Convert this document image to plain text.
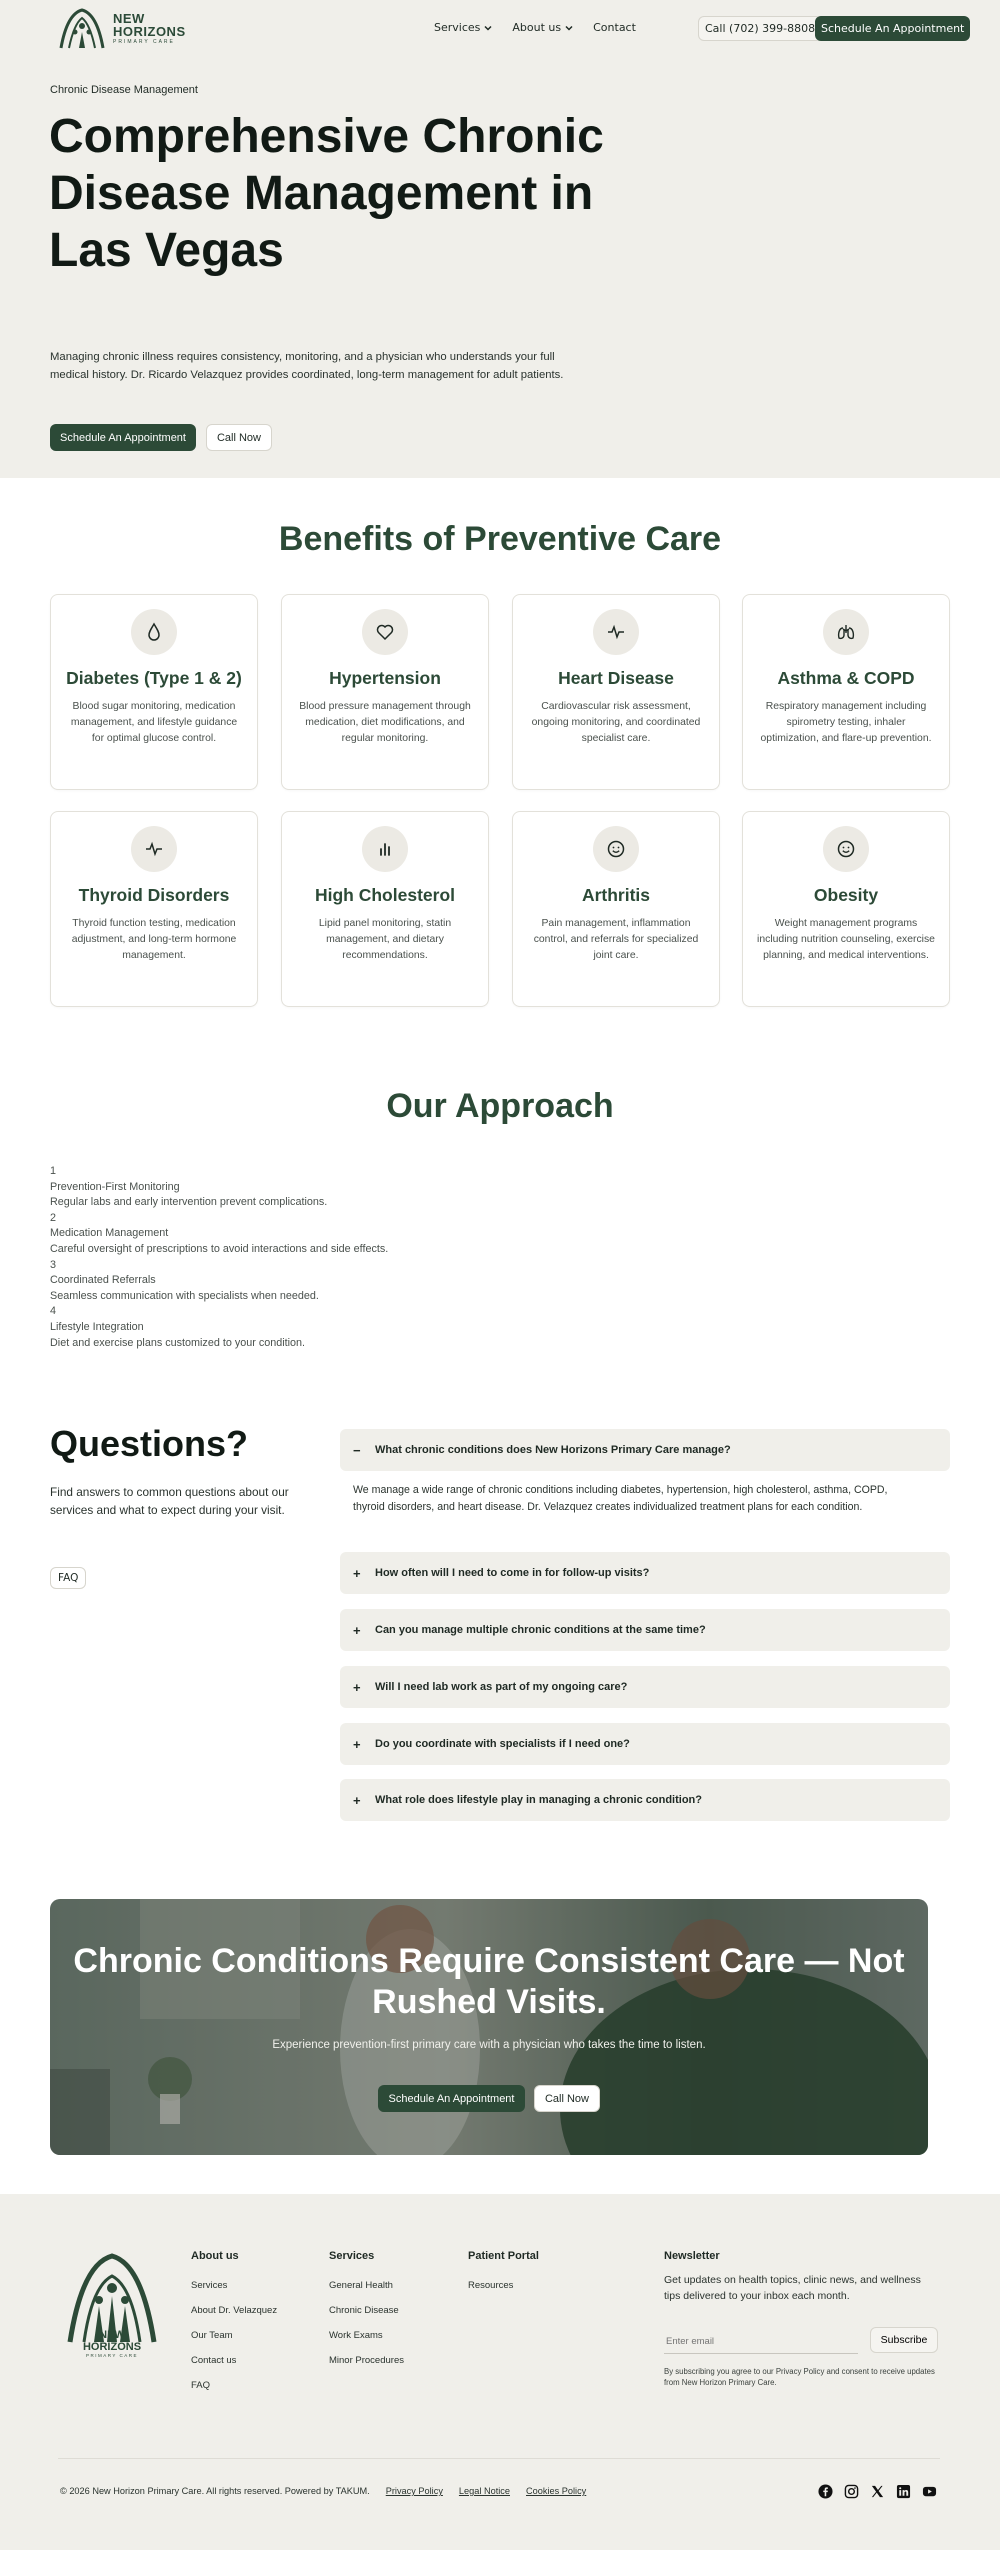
NEW
HORIZONS
PRIMARY CARE
Services	About us	Contact	Call (702) 399-8808 Schedule An Appointment
Chronic Disease Management
Comprehensive Chronic Disease Management in Las Vegas

Managing chronic illness requires consistency, monitoring, and a physician who understands your full medical history. Dr. Ricardo Velazquez provides coordinated, long-term management for adult patients.

Schedule An Appointment	Call Now
Benefits of Preventive Care
Diabetes (Type 1 & 2)
Blood sugar monitoring, medication management, and lifestyle guidance for optimal glucose control.
Hypertension
Blood pressure management through medication, diet modifications, and regular monitoring.
Heart Disease
Cardiovascular risk assessment, ongoing monitoring, and coordinated specialist care.
Asthma & COPD
Respiratory management including spirometry testing, inhaler optimization, and flare-up prevention.
Thyroid Disorders
Thyroid function testing, medication adjustment, and long-term hormone management.
High Cholesterol
Lipid panel monitoring, statin management, and dietary recommendations.
Arthritis
Pain management, inflammation control, and referrals for specialized joint care.
Obesity
Weight management programs including nutrition counseling, exercise planning, and medical interventions.
Our Approach
1
Prevention-First Monitoring
Regular labs and early intervention prevent complications.
2
Medication Management
Careful oversight of prescriptions to avoid interactions and side effects.
3
Coordinated Referrals
Seamless communication with specialists when needed.
4
Lifestyle Integration
Diet and exercise plans customized to your condition.
Questions?

Find answers to common questions about our services and what to expect during your visit.

FAQ
−	What chronic conditions does New Horizons Primary Care manage?

We manage a wide range of chronic conditions including diabetes, hypertension, high cholesterol, asthma, COPD, thyroid disorders, and heart disease. Dr. Velazquez creates individualized treatment plans for each condition.

+	How often will I need to come in for follow-up visits?
+	Can you manage multiple chronic conditions at the same time?
+	Will I need lab work as part of my ongoing care?
+	Do you coordinate with specialists if I need one?
+	What role does lifestyle play in managing a chronic condition?
Chronic Conditions Require Consistent Care — Not Rushed Visits.

Experience prevention-first primary care with a physician who takes the time to listen.

Schedule An Appointment	Call Now
NEW
HORIZONS
PRIMARY CARE
About us
Services
About Dr. Velazquez
Our Team
Contact us
FAQ
Services
General Health
Chronic Disease
Work Exams
Minor Procedures
Patient Portal
Resources
Newsletter

Get updates on health topics, clinic news, and wellness tips delivered to your inbox each month.

Enter email
Subscribe

By subscribing you agree to our Privacy Policy and consent to receive updates from New Horizon Primary Care.

© 2026 New Horizon Primary Care. All rights reserved. Powered by TAKUM. Privacy Policy Legal Notice Cookies Policy
